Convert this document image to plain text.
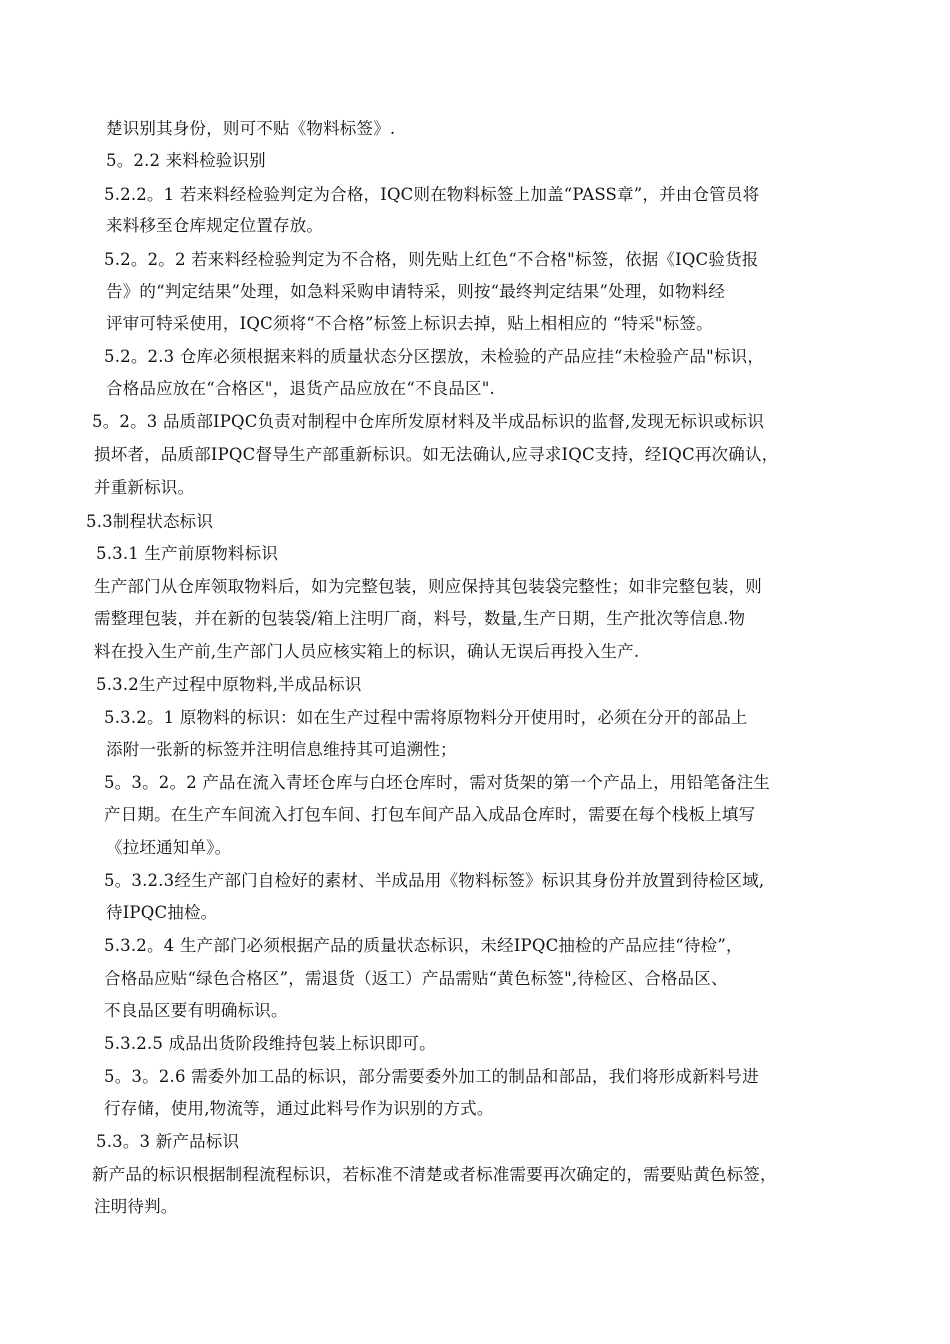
楚识别其身份，则可不贴《物料标签》.
5。2.2 来料检验识别
5.2.2。1 若来料经检验判定为合格，IQC则在物料标签上加盖“PASS章”，并由仓管员将
来料移至仓库规定位置存放。
5.2。2。2 若来料经检验判定为不合格，则先贴上红色“不合格"标签，依据《IQC验货报
告》的“判定结果”处理，如急料采购申请特采，则按“最终判定结果”处理，如物料经
评审可特采使用，IQC须将“不合格”标签上标识去掉，贴上相相应的 “特采"标签。
5.2。2.3 仓库必须根据来料的质量状态分区摆放，未检验的产品应挂“未检验产品"标识，
合格品应放在“合格区"，退货产品应放在“不良品区".
5。2。3 品质部IPQC负责对制程中仓库所发原材料及半成品标识的监督,发现无标识或标识
损坏者，品质部IPQC督导生产部重新标识。如无法确认,应寻求IQC支持，经IQC再次确认，
并重新标识。
5.3制程状态标识
5.3.1 生产前原物料标识
生产部门从仓库领取物料后，如为完整包装，则应保持其包装袋完整性；如非完整包装，则
需整理包装，并在新的包装袋/箱上注明厂商，料号，数量,生产日期，生产批次等信息.物
料在投入生产前,生产部门人员应核实箱上的标识，确认无误后再投入生产.
5.3.2生产过程中原物料,半成品标识
5.3.2。1 原物料的标识：如在生产过程中需将原物料分开使用时，必须在分开的部品上
添附一张新的标签并注明信息维持其可追溯性；
5。3。2。2 产品在流入青坯仓库与白坯仓库时，需对货架的第一个产品上，用铅笔备注生
产日期。在生产车间流入打包车间、打包车间产品入成品仓库时，需要在每个栈板上填写
《拉坯通知单》。
5。3.2.3经生产部门自检好的素材、半成品用《物料标签》标识其身份并放置到待检区域,
待IPQC抽检。
5.3.2。4 生产部门必须根据产品的质量状态标识，未经IPQC抽检的产品应挂“待检”，
合格品应贴“绿色合格区”，需退货（返工）产品需贴“黄色标签",待检区、合格品区、
不良品区要有明确标识。
5.3.2.5 成品出货阶段维持包装上标识即可。
5。3。2.6 需委外加工品的标识，部分需要委外加工的制品和部品，我们将形成新料号进
行存储，使用,物流等，通过此料号作为识别的方式。
5.3。3 新产品标识
新产品的标识根据制程流程标识，若标准不清楚或者标准需要再次确定的，需要贴黄色标签，
注明待判。
